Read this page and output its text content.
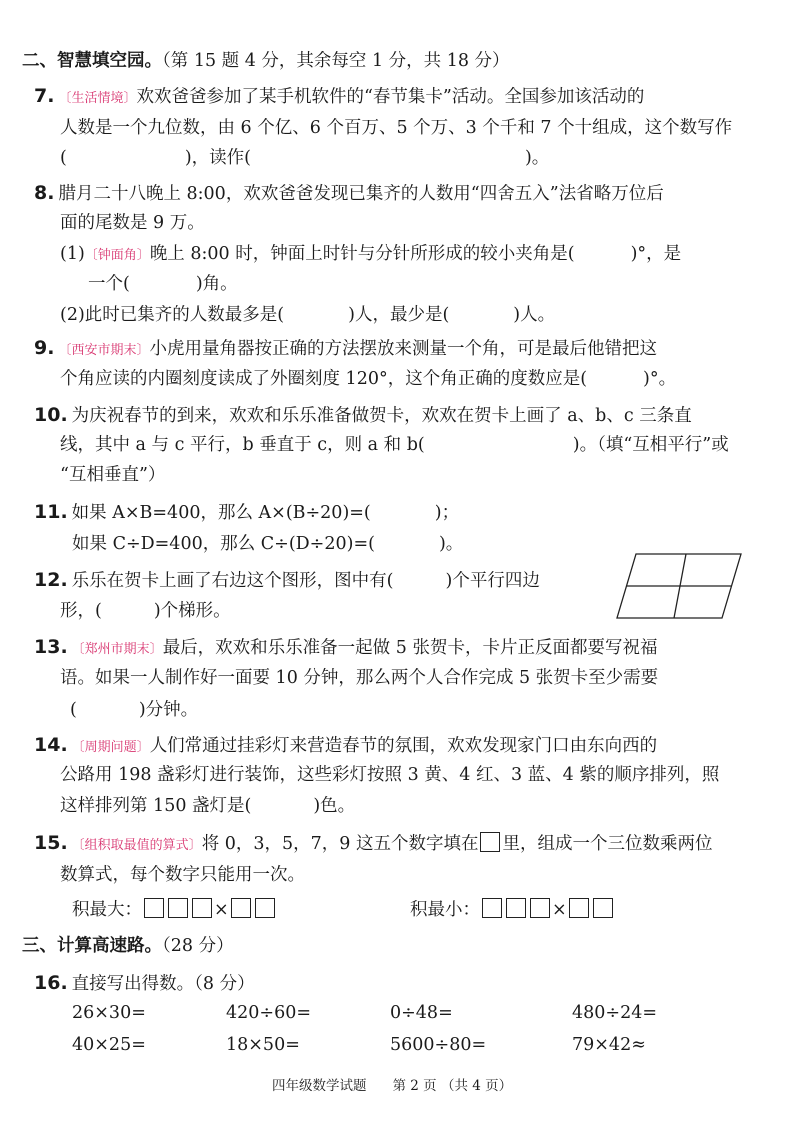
二、智慧填空园。（第 15 题 4 分，其余每空 1 分，共 18 分）
7. 〔生活情境〕欢欢爸爸参加了某手机软件的“春节集卡”活动。全国参加该活动的
人数是一个九位数，由 6 个亿、6 个百万、5 个万、3 个千和 7 个十组成，这个数写作
(	)，读作(	)。
8. 腊月二十八晚上 8:00，欢欢爸爸发现已集齐的人数用“四舍五入”法省略万位后
面的尾数是 9 万。
(1)〔钟面角〕晚上 8:00 时，钟面上时针与分针所形成的较小夹角是(	)°，是
一个(	)角。
(2)此时已集齐的人数最多是(	)人，最少是(	)人。
9. 〔西安市期末〕小虎用量角器按正确的方法摆放来测量一个角，可是最后他错把这
个角应读的内圈刻度读成了外圈刻度 120°，这个角正确的度数应是(	)°。
10. 为庆祝春节的到来，欢欢和乐乐准备做贺卡，欢欢在贺卡上画了 a、b、c 三条直
线，其中 a 与 c 平行，b 垂直于 c，则 a 和 b(	)。（填“互相平行”或
“互相垂直”）
11. 如果 A×B=400，那么 A×(B÷20)=(	)；
如果 C÷D=400，那么 C÷(D÷20)=(	)。
12. 乐乐在贺卡上画了右边这个图形，图中有(	)个平行四边
形，(	)个梯形。
13. 〔郑州市期末〕最后，欢欢和乐乐准备一起做 5 张贺卡，卡片正反面都要写祝福
语。如果一人制作好一面要 10 分钟，那么两个人合作完成 5 张贺卡至少需要
(	)分钟。
14. 〔周期问题〕人们常通过挂彩灯来营造春节的氛围，欢欢发现家门口由东向西的
公路用 198 盏彩灯进行装饰，这些彩灯按照 3 黄、4 红、3 蓝、4 紫的顺序排列，照
这样排列第 150 盏灯是(	)色。
15. 〔组积取最值的算式〕将 0，3，5，7，9 这五个数字填在 里，组成一个三位数乘两位
数算式，每个数字只能用一次。
积最大：	×	积最小：	×
三、计算高速路。（28 分）
16. 直接写出得数。（8 分）
26×30=	420÷60=	0÷48=	480÷24=
40×25=	18×50=	5600÷80=	79×42≈
四年级数学试题 第 2 页 （共 4 页）
